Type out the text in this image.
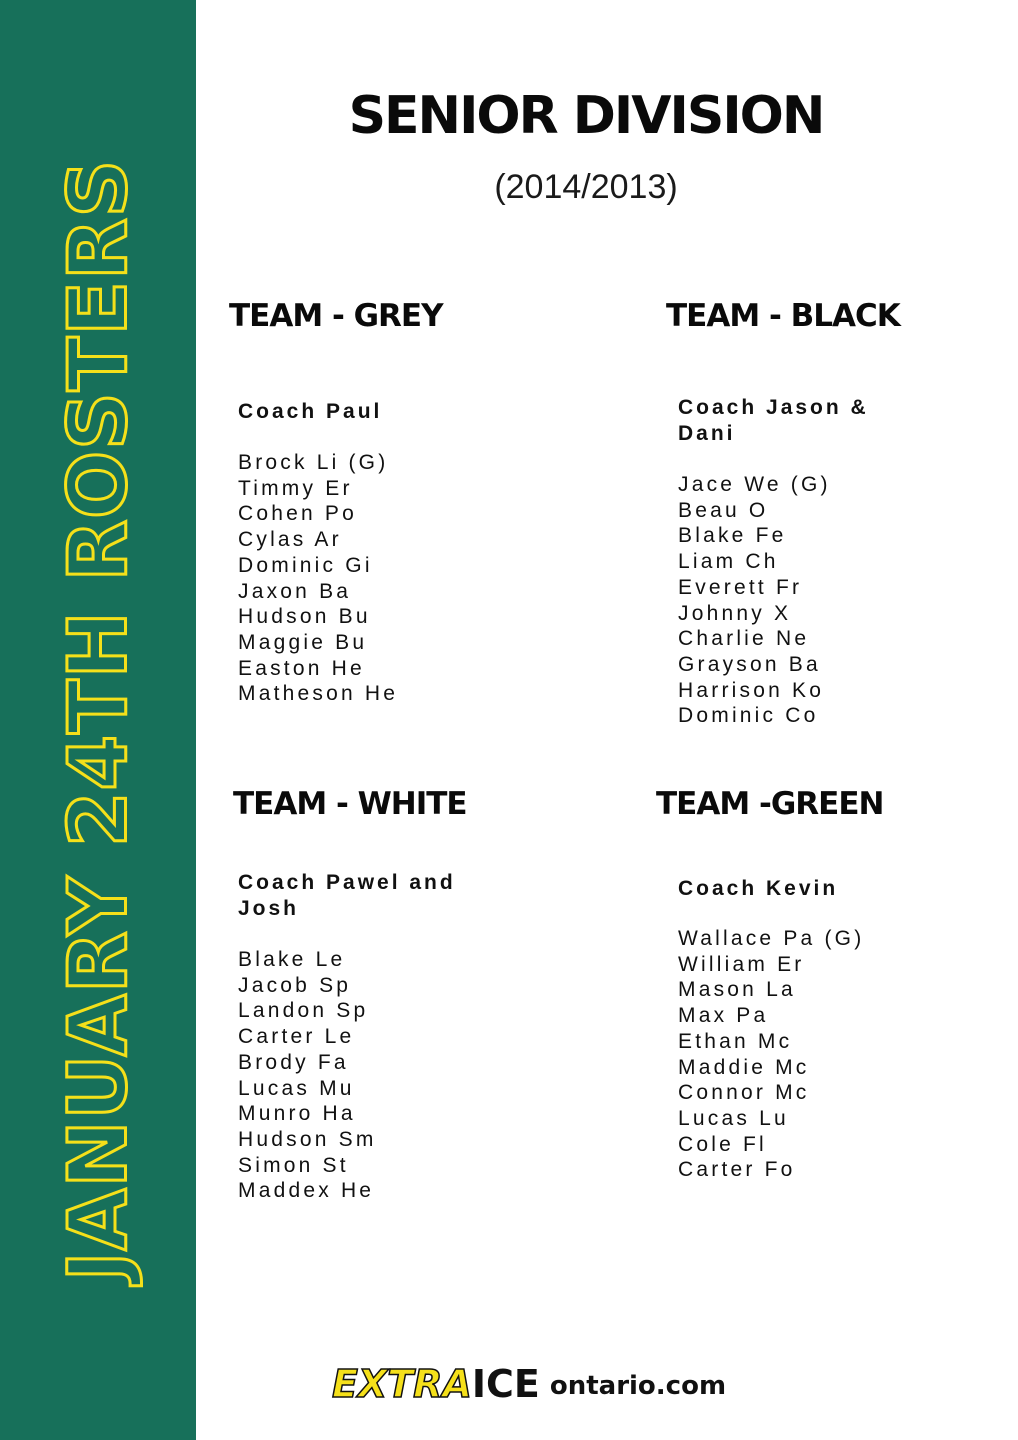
JANUARY 24TH ROSTERS
SENIOR DIVISION
(2014/2013)
TEAM - GREY
Coach Paul
Brock Li (G)
Timmy Er
Cohen Po
Cylas Ar
Dominic Gi
Jaxon Ba
Hudson Bu
Maggie Bu
Easton He
Matheson He
TEAM - BLACK
Coach Jason & Dani
Jace We (G)
Beau O
Blake Fe
Liam Ch
Everett Fr
Johnny X
Charlie Ne
Grayson Ba
Harrison Ko
Dominic Co
TEAM - WHITE
Coach Pawel and Josh
Blake Le
Jacob Sp
Landon Sp
Carter Le
Brody Fa
Lucas Mu
Munro Ha
Hudson Sm
Simon St
Maddex He
TEAM -GREEN
Coach Kevin
Wallace Pa (G)
William Er
Mason La
Max Pa
Ethan Mc
Maddie Mc
Connor Mc
Lucas Lu
Cole Fl
Carter Fo
EXTRAICE ontario.com
